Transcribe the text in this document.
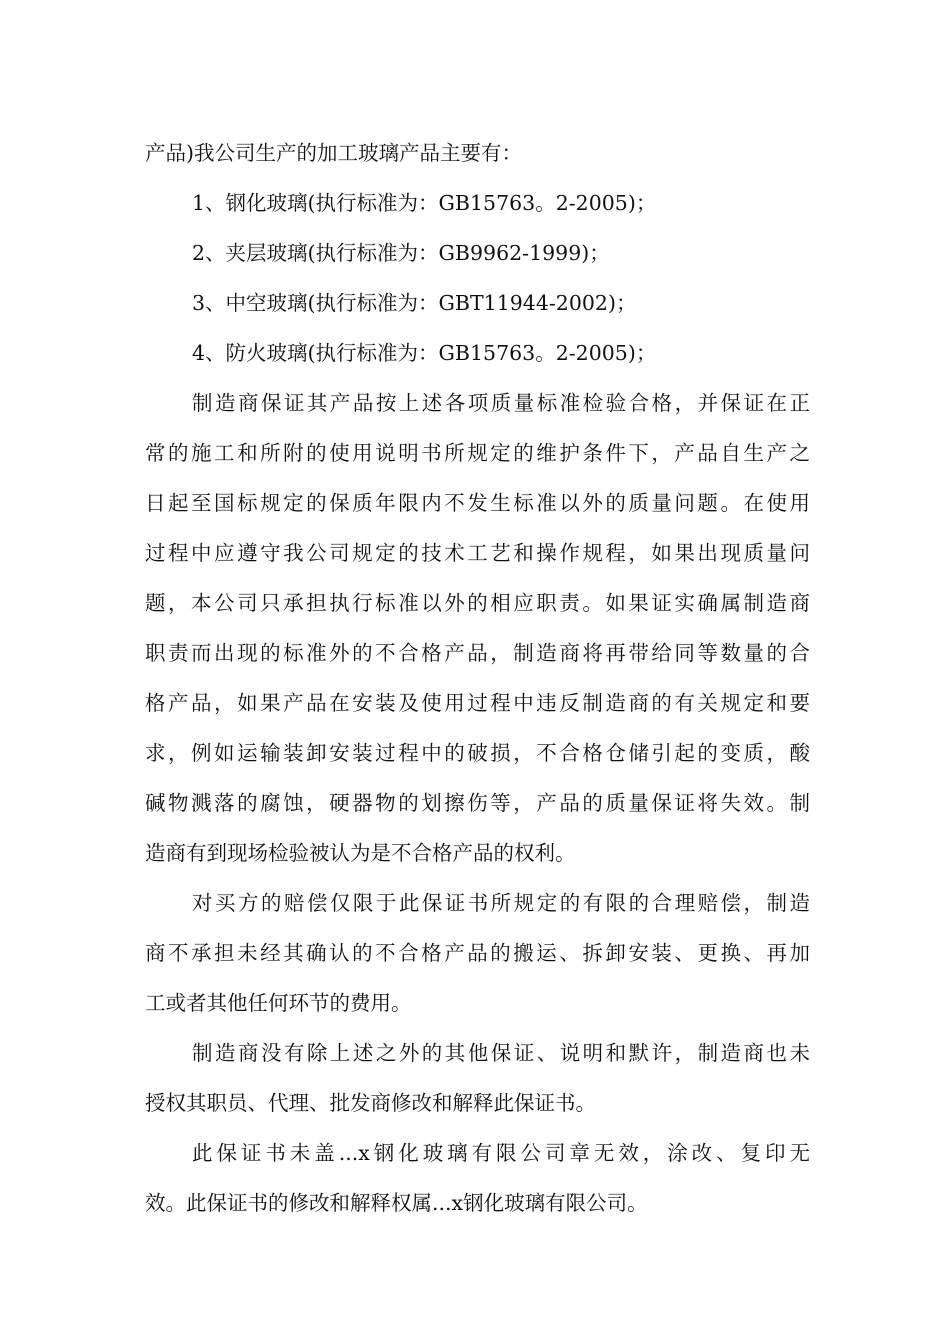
产品)我公司生产的加工玻璃产品主要有：
1、钢化玻璃(执行标准为：GB15763。2-2005)；
2、夹层玻璃(执行标准为：GB9962-1999)；
3、中空玻璃(执行标准为：GBT11944-2002)；
4、防火玻璃(执行标准为：GB15763。2-2005)；
制造商保证其产品按上述各项质量标准检验合格，并保证在正
常的施工和所附的使用说明书所规定的维护条件下，产品自生产之
日起至国标规定的保质年限内不发生标准以外的质量问题。在使用
过程中应遵守我公司规定的技术工艺和操作规程，如果出现质量问
题，本公司只承担执行标准以外的相应职责。如果证实确属制造商
职责而出现的标准外的不合格产品，制造商将再带给同等数量的合
格产品，如果产品在安装及使用过程中违反制造商的有关规定和要
求，例如运输装卸安装过程中的破损，不合格仓储引起的变质，酸
碱物溅落的腐蚀，硬器物的划擦伤等，产品的质量保证将失效。制
造商有到现场检验被认为是不合格产品的权利。
对买方的赔偿仅限于此保证书所规定的有限的合理赔偿，制造
商不承担未经其确认的不合格产品的搬运、拆卸安装、更换、再加
工或者其他任何环节的费用。
制造商没有除上述之外的其他保证、说明和默许，制造商也未
授权其职员、代理、批发商修改和解释此保证书。
此保证书未盖...x钢化玻璃有限公司章无效，涂改、复印无
效。此保证书的修改和解释权属...x钢化玻璃有限公司。
